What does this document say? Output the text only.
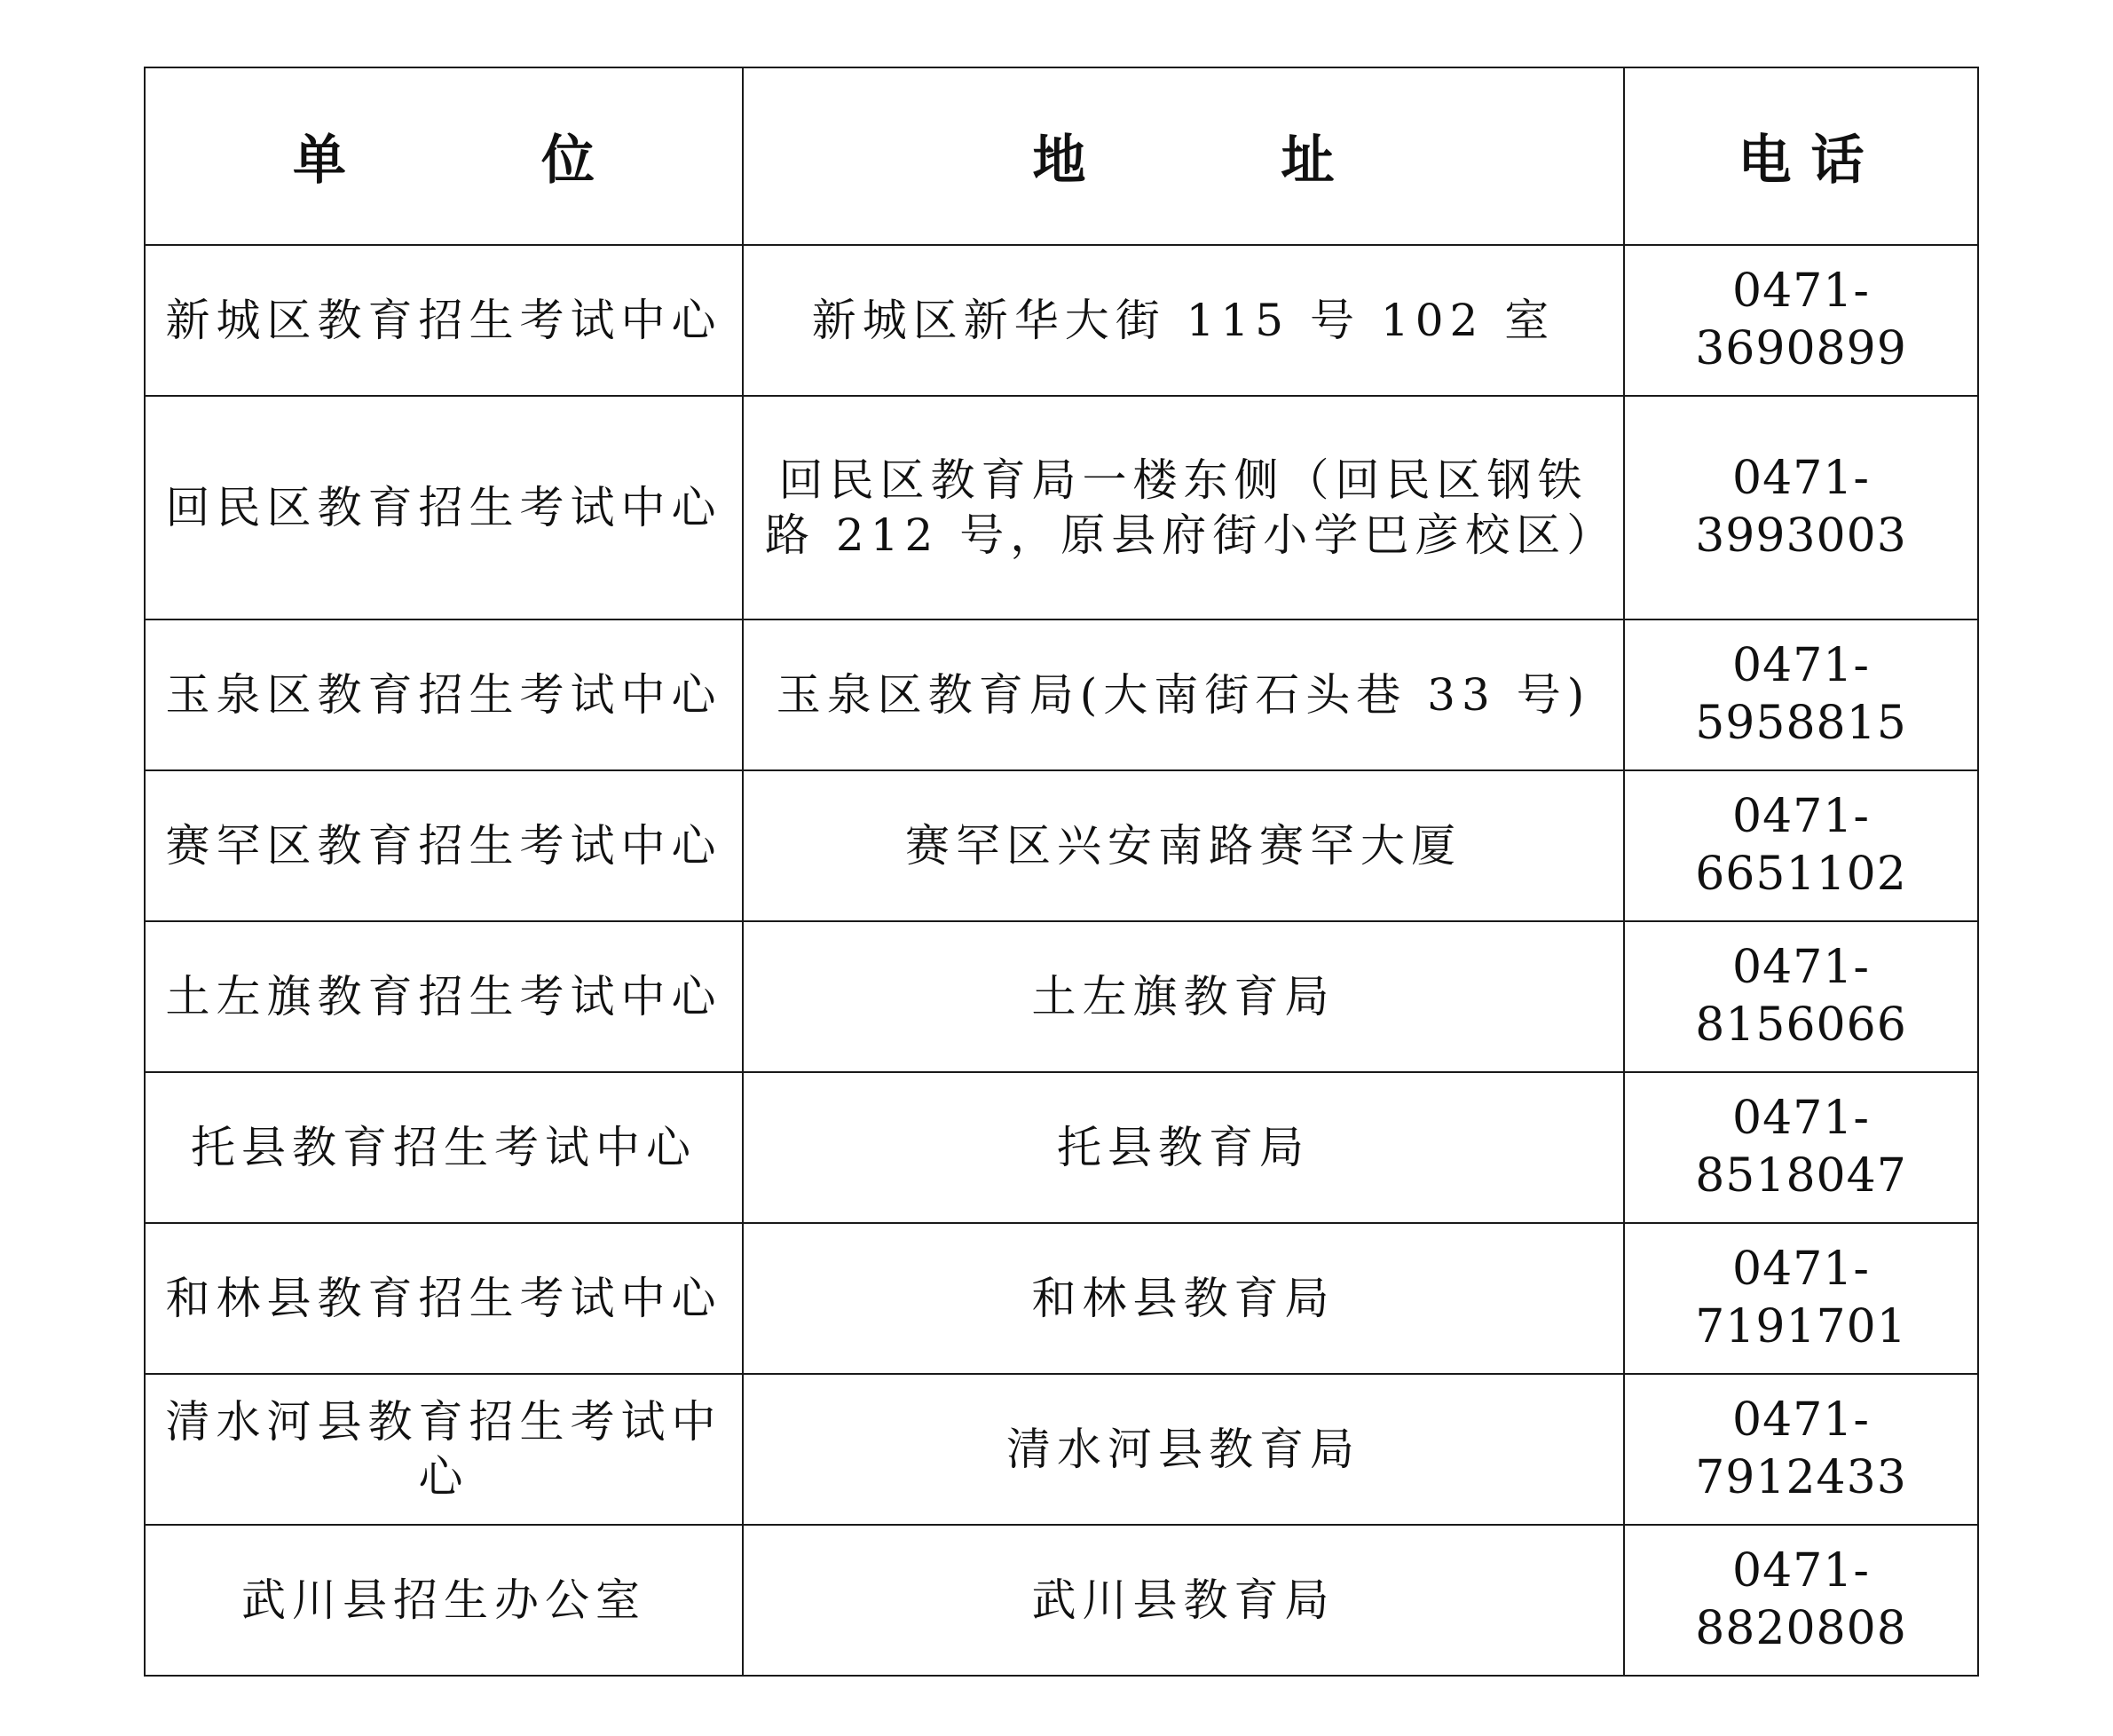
单　位	地　址	电话
新城区教育招生考试中心	新城区新华大街 115 号 102 室	0471-3690899
回民区教育招生考试中心	回民区教育局一楼东侧（回民区钢铁路 212 号，原县府街小学巴彦校区）	0471-3993003
玉泉区教育招生考试中心	玉泉区教育局(大南街石头巷 33 号)	0471-5958815
赛罕区教育招生考试中心	赛罕区兴安南路赛罕大厦	0471-6651102
土左旗教育招生考试中心	土左旗教育局	0471-8156066
托县教育招生考试中心	托县教育局	0471-8518047
和林县教育招生考试中心	和林县教育局	0471-7191701
清水河县教育招生考试中心	清水河县教育局	0471-7912433
武川县招生办公室	武川县教育局	0471-8820808
